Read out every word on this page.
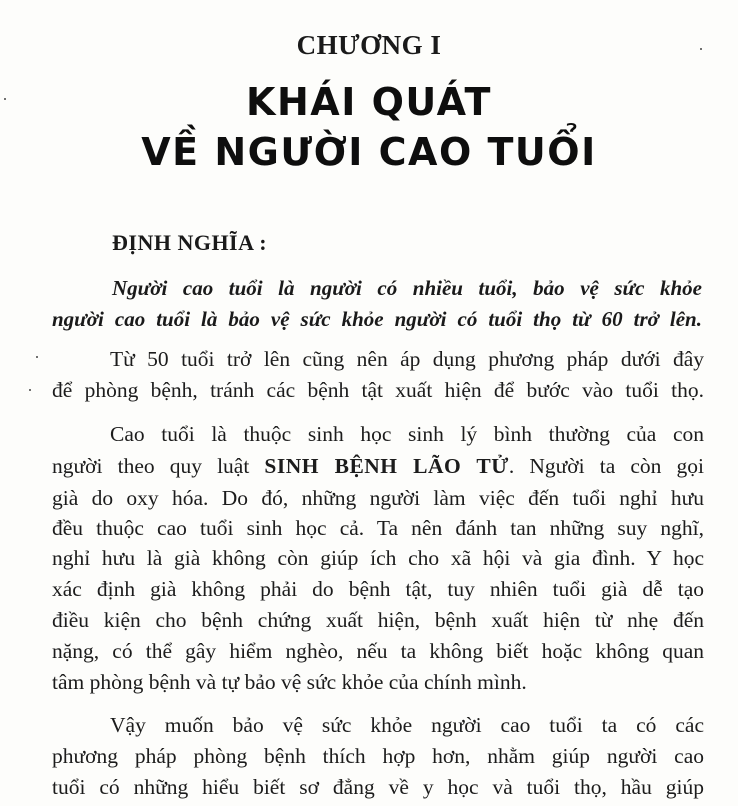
CHƯƠNG I
KHÁI QUÁT
VỀ NGƯỜI CAO TUỔI
ĐỊNH NGHĨA :
Người cao tuổi là người có nhiều tuổi, bảo vệ sức khỏe
người cao tuổi là bảo vệ sức khỏe người có tuổi thọ từ 60 trở lên.
Từ 50 tuổi trở lên cũng nên áp dụng phương pháp dưới đây
để phòng bệnh, tránh các bệnh tật xuất hiện để bước vào tuổi thọ.
Cao tuổi là thuộc sinh học sinh lý bình thường của con
người theo quy luật SINH BỆNH LÃO TỬ. Người ta còn gọi
già do oxy hóa. Do đó, những người làm việc đến tuổi nghỉ hưu
đều thuộc cao tuổi sinh học cả. Ta nên đánh tan những suy nghĩ,
nghỉ hưu là già không còn giúp ích cho xã hội và gia đình. Y học
xác định già không phải do bệnh tật, tuy nhiên tuổi già dễ tạo
điều kiện cho bệnh chứng xuất hiện, bệnh xuất hiện từ nhẹ đến
nặng, có thể gây hiểm nghèo, nếu ta không biết hoặc không quan
tâm phòng bệnh và tự bảo vệ sức khỏe của chính mình.
Vậy muốn bảo vệ sức khỏe người cao tuổi ta có các
phương pháp phòng bệnh thích hợp hơn, nhằm giúp người cao
tuổi có những hiểu biết sơ đẳng về y học và tuổi thọ, hầu giúp
